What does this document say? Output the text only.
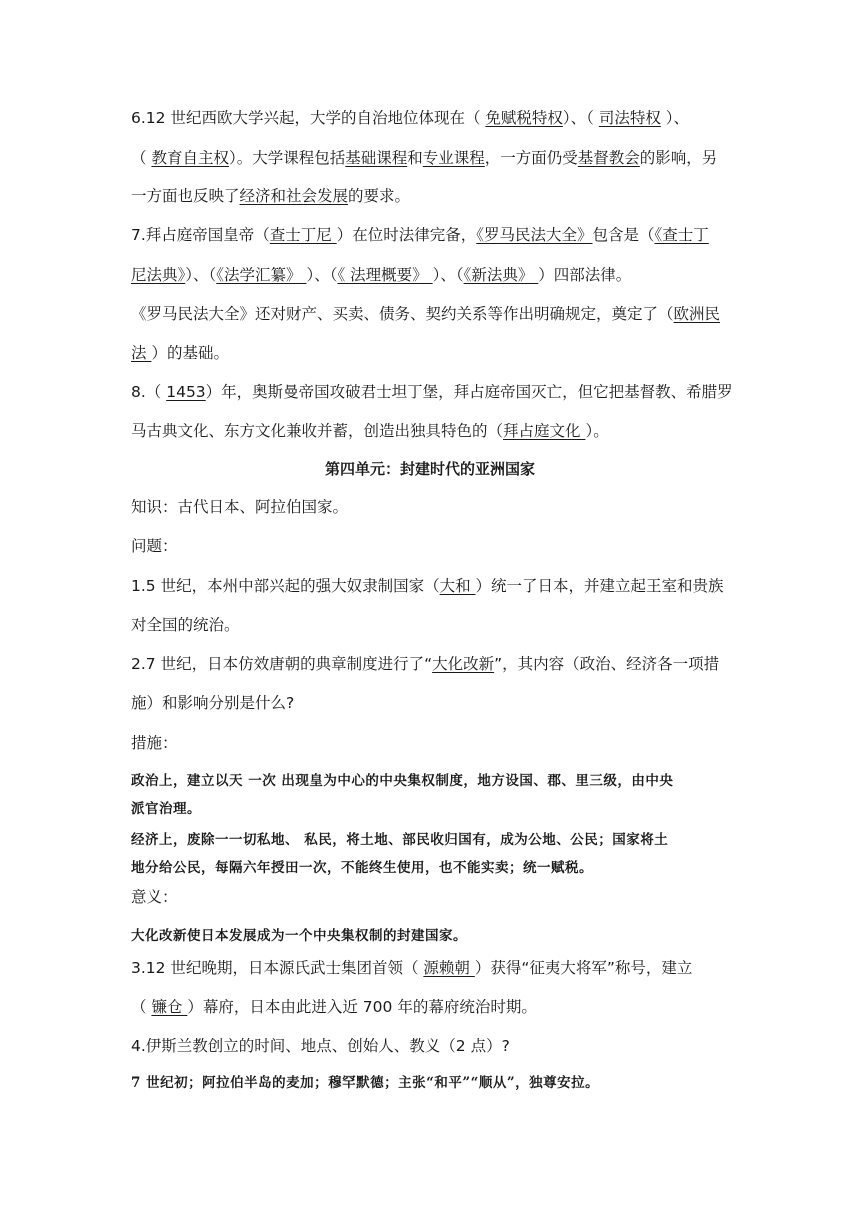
6.12 世纪西欧大学兴起，大学的自治地位体现在（ 免赋税特权）、（ 司法特权 ）、
（ 教育自主权）。大学课程包括基础课程和专业课程，一方面仍受基督教会的影响，另
一方面也反映了经济和社会发展的要求。
7.拜占庭帝国皇帝（查士丁尼 ）在位时法律完备，《罗马民法大全》包含是（《查士丁
尼法典》）、（《法学汇纂》 ）、（《 法理概要》 ）、（《新法典》 ）四部法律。
《罗马民法大全》还对财产、买卖、债务、契约关系等作出明确规定，奠定了（欧洲民
法 ）的基础。
8.（ 1453）年，奥斯曼帝国攻破君士坦丁堡，拜占庭帝国灭亡，但它把基督教、希腊罗
马古典文化、东方文化兼收并蓄，创造出独具特色的（拜占庭文化 ）。
第四单元：封建时代的亚洲国家
知识：古代日本、阿拉伯国家。
问题：
1.5 世纪，本州中部兴起的强大奴隶制国家（大和 ）统一了日本，并建立起王室和贵族
对全国的统治。
2.7 世纪，日本仿效唐朝的典章制度进行了“大化改新”，其内容（政治、经济各一项措
施）和影响分别是什么?
措施：
政治上，建立以天 一次 出现皇为中心的中央集权制度，地方设国、郡、里三级，由中央
派官治理。
经济上，废除一一切私地、 私民，将土地、部民收归国有，成为公地、公民；国家将土
地分给公民，每隔六年授田一次，不能终生使用，也不能实卖；统一赋税。
意义：
大化改新使日本发展成为一个中央集权制的封建国家。
3.12 世纪晚期，日本源氏武士集团首领（ 源赖朝 ）获得“征夷大将军”称号，建立
（ 镰仓 ）幕府，日本由此进入近 700 年的幕府统治时期。
4.伊斯兰教创立的时间、地点、创始人、教义（2 点）?
7 世纪初；阿拉伯半岛的麦加；穆罕默德；主张“和平”“顺从”，独尊安拉。
